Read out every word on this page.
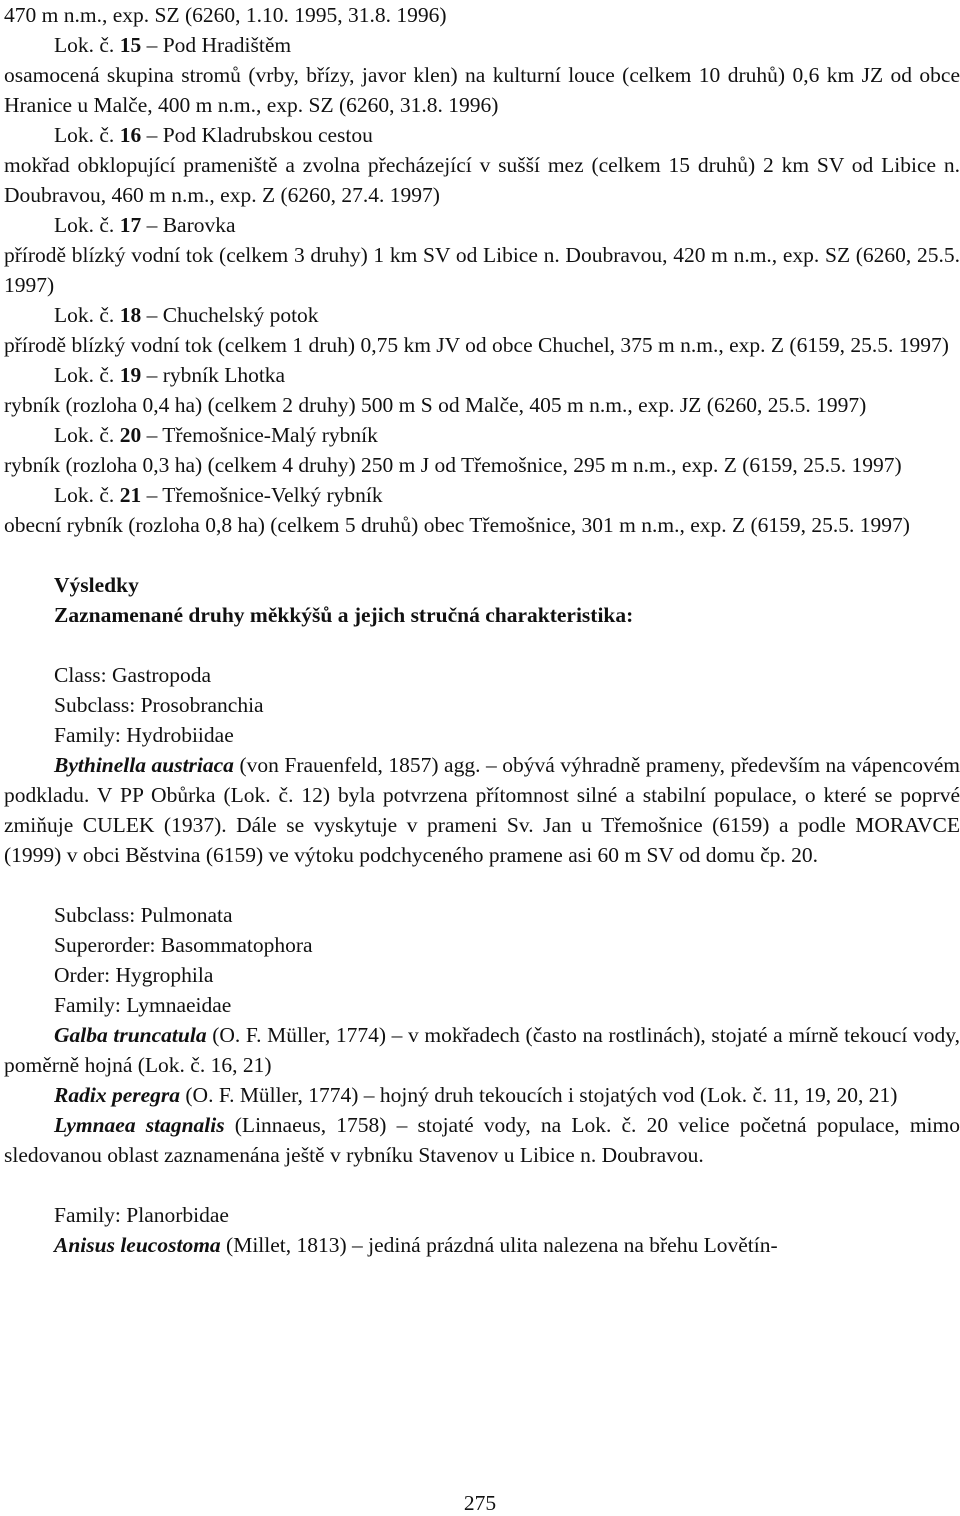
470 m n.m., exp. SZ (6260, 1.10. 1995, 31.8. 1996)

Lok. č. 15 – Pod Hradištěm

osamocená skupina stromů (vrby, břízy, javor klen) na kulturní louce (celkem 10 druhů) 0,6 km JZ od obce Hranice u Malče, 400 m n.m., exp. SZ (6260, 31.8. 1996)

Lok. č. 16 – Pod Kladrubskou cestou

mokřad obklopující prameniště a zvolna přecházející v sušší mez (celkem 15 druhů) 2 km SV od Libice n. Doubravou, 460 m n.m., exp. Z (6260, 27.4. 1997)

Lok. č. 17 – Barovka

přírodě blízký vodní tok (celkem 3 druhy) 1 km SV od Libice n. Doubravou, 420 m n.m., exp. SZ (6260, 25.5. 1997)

Lok. č. 18 – Chuchelský potok

přírodě blízký vodní tok (celkem 1 druh) 0,75 km JV od obce Chuchel, 375 m n.m., exp. Z (6159, 25.5. 1997)

Lok. č. 19 – rybník Lhotka

rybník (rozloha 0,4 ha) (celkem 2 druhy) 500 m S od Malče, 405 m n.m., exp. JZ (6260, 25.5. 1997)

Lok. č. 20 – Třemošnice-Malý rybník

rybník (rozloha 0,3 ha) (celkem 4 druhy) 250 m J od Třemošnice, 295 m n.m., exp. Z (6159, 25.5. 1997)

Lok. č. 21 – Třemošnice-Velký rybník

obecní rybník (rozloha 0,8 ha) (celkem 5 druhů) obec Třemošnice, 301 m n.m., exp. Z (6159, 25.5. 1997)

Výsledky

Zaznamenané druhy měkkýšů a jejich stručná charakteristika:

Class: Gastropoda

Subclass: Prosobranchia

Family: Hydrobiidae

Bythinella austriaca (von Frauenfeld, 1857) agg. – obývá výhradně prameny, především na vápencovém podkladu. V PP Obůrka (Lok. č. 12) byla potvrzena přítomnost silné a stabilní populace, o které se poprvé zmiňuje CULEK (1937). Dále se vyskytuje v prameni Sv. Jan u Třemošnice (6159) a podle MORAVCE (1999) v obci Běstvina (6159) ve výtoku podchyceného pramene asi 60 m SV od domu čp. 20.

Subclass: Pulmonata

Superorder: Basommatophora

Order: Hygrophila

Family: Lymnaeidae

Galba truncatula (O. F. Müller, 1774) – v mokřadech (často na rostlinách), stojaté a mírně tekoucí vody, poměrně hojná (Lok. č. 16, 21)

Radix peregra (O. F. Müller, 1774) – hojný druh tekoucích i stojatých vod (Lok. č. 11, 19, 20, 21)

Lymnaea stagnalis (Linnaeus, 1758) – stojaté vody, na Lok. č. 20 velice početná populace, mimo sledovanou oblast zaznamenána ještě v rybníku Stavenov u Libice n. Doubravou.

Family: Planorbidae

Anisus leucostoma (Millet, 1813) – jediná prázdná ulita nalezena na břehu Lovětín-

275
